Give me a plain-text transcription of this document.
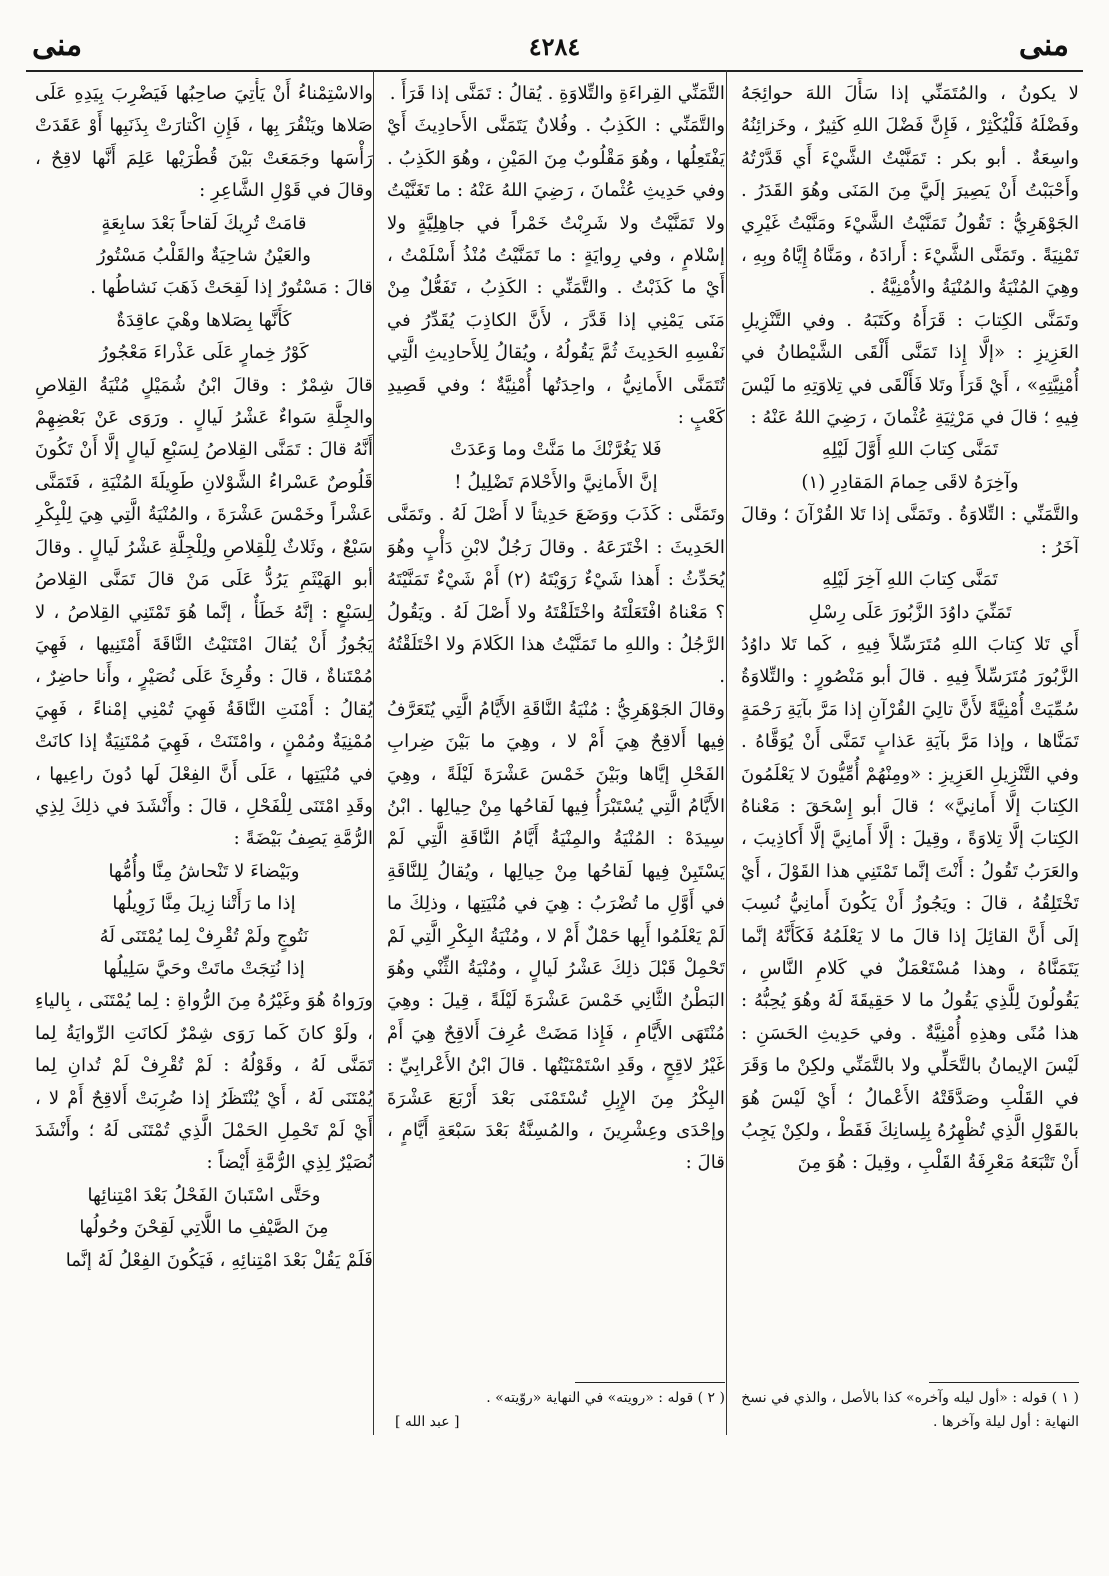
منى
٤٢٨٤
منى

لا يكونُ ، والمُتَمَنِّي إذا سَأَلَ اللهَ حوائِجَهُ وفَضْلَهُ فَلْيُكْثِرْ ، فَإِنَّ فَضْلَ اللهِ كَثِيرٌ ، وخَزائِنُهُ واسِعَةٌ . أبو بكر : تَمَنَّيْتُ الشَّيْءَ أَي قَدَّرْتُهُ وأَحْبَبْتُ أَنْ يَصِيرَ إلَيَّ مِنَ المَنَى وهُوَ القَدَرُ . الجَوْهَرِيُّ : تَقُولُ تَمَنَّيْتُ الشَّيْءَ ومَنَّيْتُ غَيْرِي تَمْنِيَةً . وتَمَنَّى الشَّيْءَ : أَرادَهُ ، ومَنَّاهُ إِيَّاهُ وبِهِ ، وهِيَ المُنْيَةُ والمُنْيَةُ والأُمْنِيَّةُ .

وتَمَنَّى الكِتابَ : قَرَأَهُ وكَتَبَهُ . وفي التَّنْزِيلِ العَزِيزِ : «إلَّا إِذا تَمَنَّى أَلْقَى الشَّيْطانُ في أُمْنِيَّتِهِ» ، أَيْ قَرَأَ وتَلا فَأَلْقَى في تِلاوَتِهِ ما لَيْسَ فِيهِ ؛ قالَ في مَرْثِيَةِ عُثْمانَ ، رَضِيَ اللهُ عَنْهُ :

تَمَنَّى كِتابَ اللهِ أَوَّلَ لَيْلِهِ

وآخِرَهُ لاقَى حِمامَ المَقادِرِ (١)

والتَّمَنِّي : التِّلاوَةُ . وتَمَنَّى إذا تَلا القُرْآنَ ؛ وقالَ آخَرُ :

تَمَنَّى كِتابَ اللهِ آخِرَ لَيْلِهِ

تَمَنِّيَ داوُدَ الزَّبُورَ عَلَى رِسْلِ

أَي تَلا كِتابَ اللهِ مُتَرَسِّلاً فِيهِ ، كَما تَلا داوُدُ الزَّبُورَ مُتَرَسِّلاً فِيهِ . قالَ أبو مَنْصُورٍ : والتِّلاوَةُ سُمِّيَتْ أُمْنِيَّةً لأَنَّ تالِيَ القُرْآنِ إذا مَرَّ بآيَةِ رَحْمَةٍ تَمَنَّاها ، وإذا مَرَّ بآيَةِ عَذابٍ تَمَنَّى أَنْ يُوَقَّاهُ . وفي التَّنْزِيلِ العَزِيزِ : «ومِنْهُمْ أُمِّيُّونَ لا يَعْلَمُونَ الكِتابَ إلَّا أَمانِيَّ» ؛ قالَ أبو إِسْحَقَ : مَعْناهُ الكِتابَ إلَّا تِلاوَةً ، وقِيلَ : إلَّا أَمانِيَّ إلَّا أَكاذِيبَ ، والعَرَبُ تَقُولُ : أَنْتَ إنَّما تَمْتَنِي هذا القَوْلَ ، أَيْ تَخْتَلِقُهُ ، قالَ : ويَجُوزُ أَنْ يَكُونَ أَمانِيُّ نُسِبَ إلَى أَنَّ القائِلَ إذا قالَ ما لا يَعْلَمُهُ فَكَأَنَّهُ إنَّما يَتَمَنَّاهُ ، وهذا مُسْتَعْمَلٌ في كَلامِ النَّاسِ ، يَقُولُونَ لِلَّذِي يَقُولُ ما لا حَقِيقَةَ لَهُ وهُوَ يُحِبُّهُ : هذا مُنًى وهذِهِ أُمْنِيَّةٌ . وفي حَدِيثِ الحَسَنِ : لَيْسَ الإيمانُ بالتَّحَلِّي ولا بالتَّمَنِّي ولكِنْ ما وَقَرَ في القَلْبِ وصَدَّقَتْهُ الأَعْمالُ ؛ أَيْ لَيْسَ هُوَ بالقَوْلِ الَّذِي تُظْهِرُهُ بِلِسانِكَ فَقَطْ ، ولكِنْ يَجِبُ أَنْ تَتْبَعَهُ مَعْرِفَةُ القَلْبِ ، وقِيلَ : هُوَ مِنَ

التَّمَنِّي القِراءَةِ والتِّلاوَةِ . يُقالُ : تَمَنَّى إذا قَرَأَ .

والتَّمَنِّي : الكَذِبُ . وفُلانٌ يَتَمَنَّى الأَحادِيثَ أَيْ يَفْتَعِلُها ، وهُوَ مَقْلُوبٌ مِنَ المَيْنِ ، وهُوَ الكَذِبُ . وفي حَدِيثِ عُثْمانَ ، رَضِيَ اللهُ عَنْهُ : ما تَغَنَّيْتُ ولا تَمَنَّيْتُ ولا شَرِبْتُ خَمْراً في جاهِلِيَّةٍ ولا إسْلامٍ ، وفي رِوايَةٍ : ما تَمَنَّيْتُ مُنْذُ أَسْلَمْتُ ، أَيْ ما كَذَبْتُ . والتَّمَنِّي : الكَذِبُ ، تَفَعُّلٌ مِنْ مَنَى يَمْنِي إذا قَدَّرَ ، لأَنَّ الكاذِبَ يُقَدِّرُ في نَفْسِهِ الحَدِيثَ ثُمَّ يَقُولُهُ ، ويُقالُ لِلأَحادِيثِ الَّتِي تُتَمَنَّى الأَمانِيُّ ، واحِدَتُها أُمْنِيَّةٌ ؛ وفي قَصِيدِ كَعْبٍ :

فَلا يَغُرَّنْكَ ما مَنَّتْ وما وَعَدَتْ

إنَّ الأَمانِيَّ والأَحْلامَ تَضْلِيلُ !

وتَمَنَّى : كَذَبَ ووَضَعَ حَدِيثاً لا أَصْلَ لَهُ . وتَمَنَّى الحَدِيثَ : اخْتَرَعَهُ . وقالَ رَجُلٌ لابْنِ دَأْبٍ وهُوَ يُحَدِّثُ : أَهذا شَيْءٌ رَوَيْتَهُ (٢) أَمْ شَيْءٌ تَمَنَّيْتَهُ ؟ مَعْناهُ افْتَعَلْتَهُ واخْتَلَقْتَهُ ولا أَصْلَ لَهُ . ويَقُولُ الرَّجُلُ : واللهِ ما تَمَنَّيْتُ هذا الكَلامَ ولا اخْتَلَقْتُهُ .

وقالَ الجَوْهَرِيُّ : مُنْيَةُ النَّاقَةِ الأَيَّامُ الَّتِي يُتَعَرَّفُ فِيها أَلاقِحٌ هِيَ أَمْ لا ، وهِيَ ما بَيْنَ ضِرابِ الفَحْلِ إيَّاها وبَيْنَ خَمْسَ عَشْرَةَ لَيْلَةً ، وهِيَ الأَيَّامُ الَّتِي يُسْتَبْرَأُ فِيها لَقاحُها مِنْ حِيالِها . ابْنُ سِيدَهْ : المُنْيَةُ والمِنْيَةُ أَيَّامُ النَّاقَةِ الَّتِي لَمْ يَسْتَبِنْ فِيها لَقاحُها مِنْ حِيالِها ، ويُقالُ لِلنَّاقَةِ في أَوَّلِ ما تُضْرَبُ : هِيَ في مُنْيَتِها ، وذلِكَ ما لَمْ يَعْلَمُوا أَبِها حَمْلٌ أَمْ لا ، ومُنْيَةُ البِكْرِ الَّتِي لَمْ تَحْمِلْ قَبْلَ ذلِكَ عَشْرُ لَيالٍ ، ومُنْيَةُ الثِّنْي وهُوَ البَطْنُ الثَّانِي خَمْسَ عَشْرَةَ لَيْلَةً ، قِيلَ : وهِيَ مُنْتَهَى الأَيَّامِ ، فَإِذا مَضَتْ عُرِفَ أَلاقِحٌ هِيَ أَمْ غَيْرُ لاقِحٍ ، وقَدِ اسْتَمْنَيْتُها . قالَ ابْنُ الأَعْرابِيِّ : البِكْرُ مِنَ الإِبِلِ تُسْتَمْنَى بَعْدَ أَرْبَعَ عَشْرَةَ وإحْدَى وعِشْرِينَ ، والمُسِنَّةُ بَعْدَ سَبْعَةِ أَيَّامٍ ، قالَ :

والاسْتِمْناءُ أَنْ يَأْتِيَ صاحِبُها فَيَضْرِبَ بِيَدِهِ عَلَى صَلاها ويَنْقُرَ بِها ، فَإِنِ اكْتارَتْ بِذَنَبِها أَوْ عَقَدَتْ رَأْسَها وجَمَعَتْ بَيْنَ قُطْرَيْها عَلِمَ أَنَّها لاقِحٌ ، وقالَ في قَوْلِ الشَّاعِرِ :

قامَتْ تُرِيكَ لَقاحاً بَعْدَ سابِعَةٍ

والعَيْنُ شاحِيَةٌ والقَلْبُ مَسْتُورُ

قالَ : مَسْتُورٌ إذا لَقِحَتْ ذَهَبَ نَشاطُها .

كَأَنَّها بِصَلاها وهْيَ عاقِدَةٌ

كَوْرُ خِمارٍ عَلَى عَذْراءَ مَعْجُورُ

قالَ شِمْرٌ : وقالَ ابْنُ شُمَيْلٍ مُنْيَةُ القِلاصِ والجِلَّةِ سَواءٌ عَشْرُ لَيالٍ . ورَوَى عَنْ بَعْضِهِمْ أَنَّهُ قالَ : تَمَنَّى القِلاصُ لِسَبْعِ لَيالٍ إلَّا أَنْ تَكُونَ قَلُوصٌ عَسْراءُ الشَّوْلانِ طَوِيلَةَ المُنْيَةِ ، فَتَمَنَّى عَشْراً وخَمْسَ عَشْرَةَ ، والمُنْيَةُ الَّتِي هِيَ لِلْبِكْرِ سَبْعٌ ، وثَلاثٌ لِلْقِلاصِ ولِلْجِلَّةِ عَشْرُ لَيالٍ . وقالَ أبو الهَيْثَمِ يَرُدُّ عَلَى مَنْ قالَ تَمَنَّى القِلاصُ لِسَبْعٍ : إنَّهُ خَطَأٌ ، إنَّما هُوَ تَمْتَنِي القِلاصُ ، لا يَجُوزُ أَنْ يُقالَ امْتَنَيْتُ النَّاقَةَ أَمْتَنِيها ، فَهِيَ مُمْتَناةٌ ، قالَ : وقُرِئَ عَلَى نُصَيْرٍ ، وأَنا حاضِرٌ ، يُقالُ : أَمْنَتِ النَّاقَةُ فَهِيَ تُمْنِي إمْناءً ، فَهِيَ مُمْنِيَةٌ ومُمْنٍ ، وامْتَنَتْ ، فَهِيَ مُمْتَنِيَةٌ إذا كانَتْ في مُنْيَتِها ، عَلَى أَنَّ الفِعْلَ لَها دُونَ راعِيها ، وقَدِ امْتَنَى لِلْفَحْلِ ، قالَ : وأَنْشَدَ في ذلِكَ لِذِي الرُّمَّةِ يَصِفُ بَيْضَةً :

وبَيْضاءَ لا تَنْحاشُ مِنَّا وأُمُّها

إذا ما رَأَتْنا زِيلَ مِنَّا زَوِيلُها

نَتُوجٍ ولَمْ تُقْرِفْ لِما يُمْتَنَى لَهُ

إذا نُتِجَتْ ماتَتْ وحَيَّ سَلِيلُها

ورَواهُ هُوَ وغَيْرُهُ مِنَ الرُّواةِ : لِما يُمْتَنَى ، بِالياءِ ، ولَوْ كانَ كَما رَوَى شِمْرٌ لَكانَتِ الرِّوايَةُ لِما تَمَنَّى لَهُ ، وقَوْلُهُ : لَمْ تُقْرِفْ لَمْ تُدانِ لِما يُمْتَنَى لَهُ ، أَيْ يُنْتَظَرُ إذا ضُرِبَتْ أَلاقِحٌ أَمْ لا ، أَيْ لَمْ تَحْمِلِ الحَمْلَ الَّذِي تُمْتَنَى لَهُ ؛ وأَنْشَدَ نُصَيْرٌ لِذِي الرُّمَّةِ أَيْضاً :

وحَتَّى اسْتَبانَ الفَحْلُ بَعْدَ امْتِنائِها

مِنَ الصَّيْفِ ما اللَّاتِي لَقِحْنَ وحُولُها

فَلَمْ يَقُلْ بَعْدَ امْتِنائِهِ ، فَيَكُونَ الفِعْلُ لَهُ إنَّما

( ١ ) قوله : «أول ليله وآخره» كذا بالأصل ، والذي في نسخ النهاية : أول ليلة وآخرها .
( ٢ ) قوله : «رويته» في النهاية «روّيته» .
[ عبد الله ]
